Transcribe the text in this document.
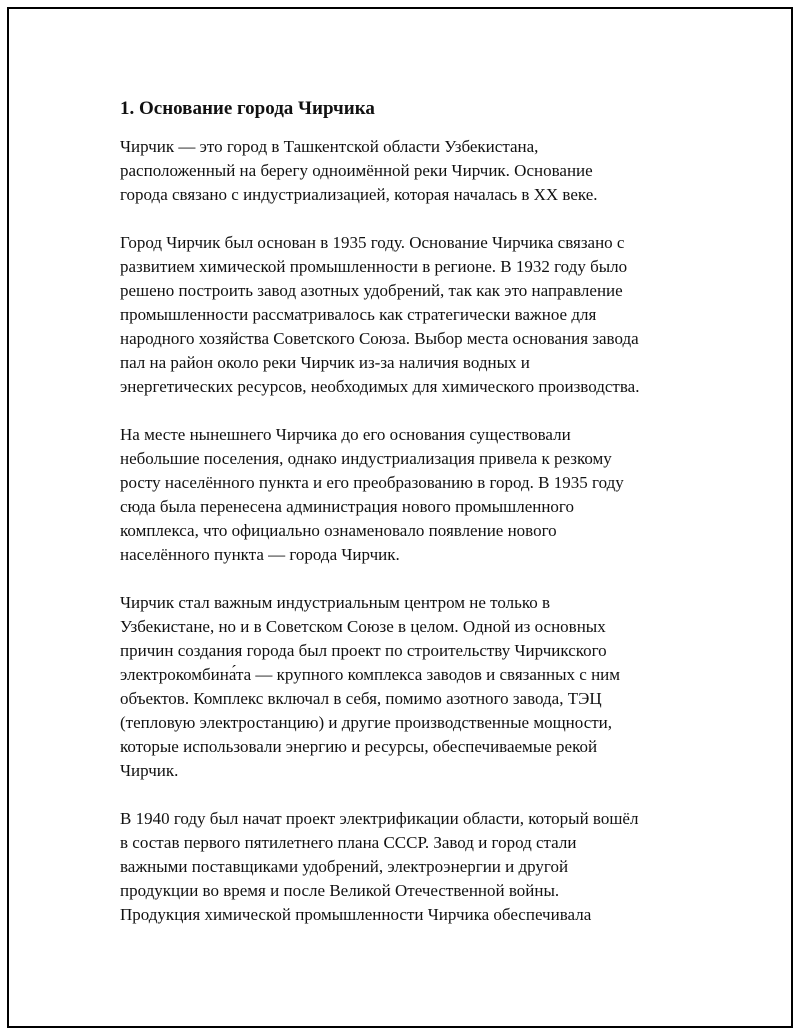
1. Основание города Чирчика

Чирчик — это город в Ташкентской области Узбекистана,
расположенный на берегу одноимённой реки Чирчик. Основание
города связано с индустриализацией, которая началась в XX веке.

Город Чирчик был основан в 1935 году. Основание Чирчика связано с
развитием химической промышленности в регионе. В 1932 году было
решено построить завод азотных удобрений, так как это направление
промышленности рассматривалось как стратегически важное для
народного хозяйства Советского Союза. Выбор места основания завода
пал на район около реки Чирчик из-за наличия водных и
энергетических ресурсов, необходимых для химического производства.

На месте нынешнего Чирчика до его основания существовали
небольшие поселения, однако индустриализация привела к резкому
росту населённого пункта и его преобразованию в город. В 1935 году
сюда была перенесена администрация нового промышленного
комплекса, что официально ознаменовало появление нового
населённого пункта — города Чирчик.

Чирчик стал важным индустриальным центром не только в
Узбекистане, но и в Советском Союзе в целом. Одной из основных
причин создания города был проект по строительству Чирчикского
электрокомбина́та — крупного комплекса заводов и связанных с ним
объектов. Комплекс включал в себя, помимо азотного завода, ТЭЦ
(тепловую электростанцию) и другие производственные мощности,
которые использовали энергию и ресурсы, обеспечиваемые рекой
Чирчик.

В 1940 году был начат проект электрификации области, который вошёл
в состав первого пятилетнего плана СССР. Завод и город стали
важными поставщиками удобрений, электроэнергии и другой
продукции во время и после Великой Отечественной войны.
Продукция химической промышленности Чирчика обеспечивала
